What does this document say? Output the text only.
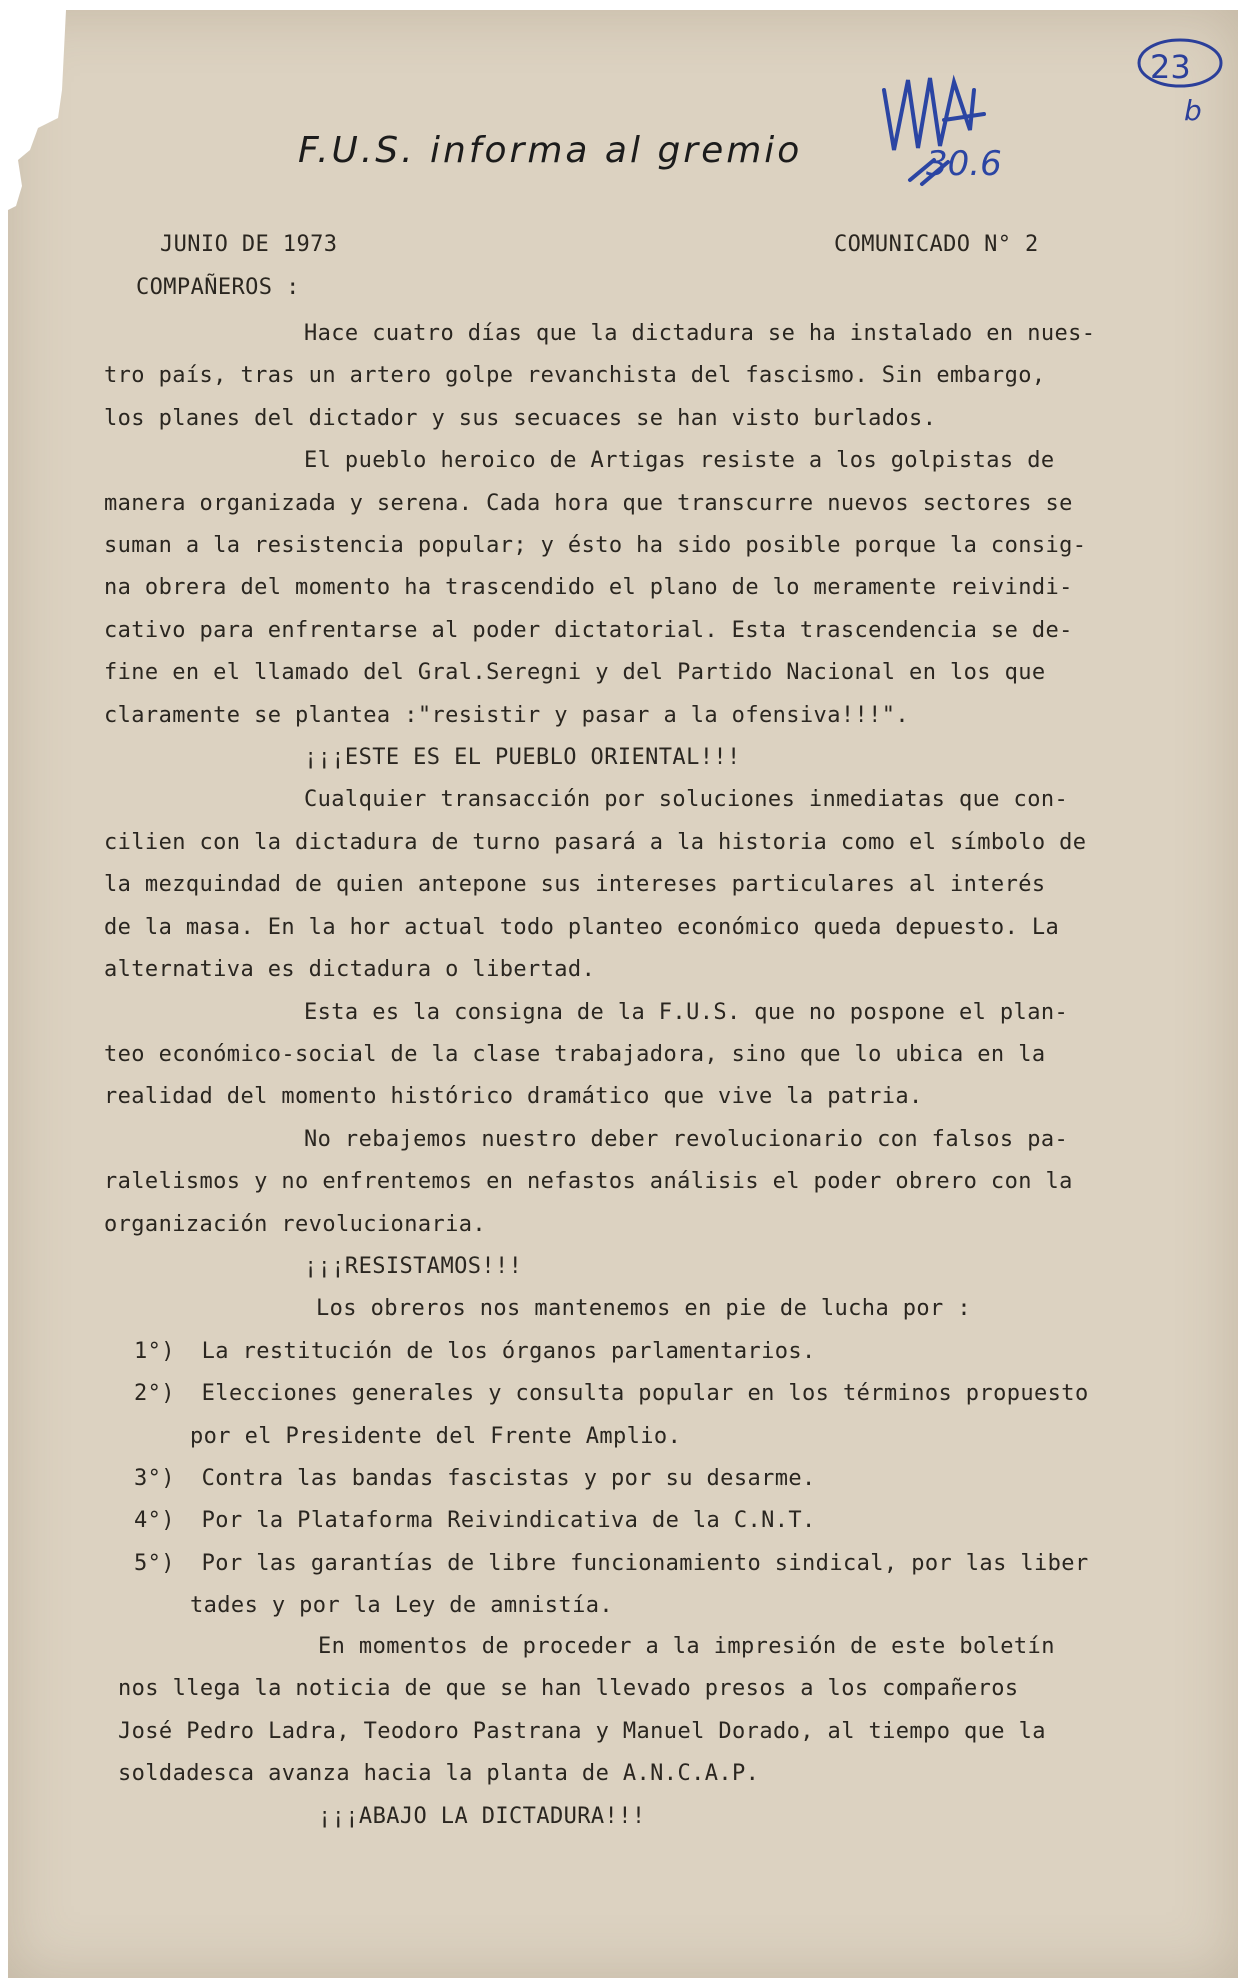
F.U.S. informa al gremio	30.6
23
b
JUNIO DE 1973	COMUNICADO N° 2
COMPAÑEROS :
Hace cuatro días que la dictadura se ha instalado en nues-
tro país, tras un artero golpe revanchista del fascismo. Sin embargo,
los planes del dictador y sus secuaces se han visto burlados.
El pueblo heroico de Artigas resiste a los golpistas de
manera organizada y serena. Cada hora que transcurre nuevos sectores se
suman a la resistencia popular; y ésto ha sido posible porque la consig-
na obrera del momento ha trascendido el plano de lo meramente reivindi-
cativo para enfrentarse al poder dictatorial. Esta trascendencia se de-
fine en el llamado del Gral.Seregni y del Partido Nacional en los que
claramente se plantea :"resistir y pasar a la ofensiva!!!".
¡¡¡ESTE ES EL PUEBLO ORIENTAL!!!
Cualquier transacción por soluciones inmediatas que con-
cilien con la dictadura de turno pasará a la historia como el símbolo de
la mezquindad de quien antepone sus intereses particulares al interés
de la masa. En la hor actual todo planteo económico queda depuesto. La
alternativa es dictadura o libertad.
Esta es la consigna de la F.U.S. que no pospone el plan-
teo económico-social de la clase trabajadora, sino que lo ubica en la
realidad del momento histórico dramático que vive la patria.
No rebajemos nuestro deber revolucionario con falsos pa-
ralelismos y no enfrentemos en nefastos análisis el poder obrero con la
organización revolucionaria.
¡¡¡RESISTAMOS!!!
Los obreros nos mantenemos en pie de lucha por :
1°) La restitución de los órganos parlamentarios.
2°) Elecciones generales y consulta popular en los términos propuesto
por el Presidente del Frente Amplio.
3°) Contra las bandas fascistas y por su desarme.
4°) Por la Plataforma Reivindicativa de la C.N.T.
5°) Por las garantías de libre funcionamiento sindical, por las liber
tades y por la Ley de amnistía.
En momentos de proceder a la impresión de este boletín
nos llega la noticia de que se han llevado presos a los compañeros
José Pedro Ladra, Teodoro Pastrana y Manuel Dorado, al tiempo que la
soldadesca avanza hacia la planta de A.N.C.A.P.
¡¡¡ABAJO LA DICTADURA!!!
